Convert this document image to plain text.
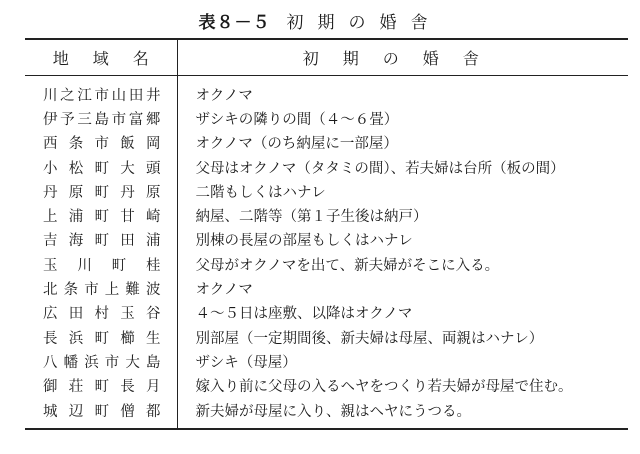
表８－５ 初期の婚舎
地域名	初期の婚舎
川之江市山田井	オクノマ
伊予三島市富郷	ザシキの隣りの間（４～６畳）
西条市飯岡	オクノマ（のち納屋に一部屋）
小松町大頭	父母はオクノマ（タタミの間）、若夫婦は台所（板の間）
丹原町丹原	二階もしくはハナレ
上浦町甘崎	納屋、二階等（第１子生後は納戸）
吉海町田浦	別棟の長屋の部屋もしくはハナレ
玉川町桂	父母がオクノマを出て、新夫婦がそこに入る。
北条市上難波	オクノマ
広田村玉谷	４～５日は座敷、以降はオクノマ
長浜町櫛生	別部屋（一定期間後、新夫婦は母屋、両親はハナレ）
八幡浜市大島	ザシキ（母屋）
御荘町長月	嫁入り前に父母の入るヘヤをつくり若夫婦が母屋で住む。
城辺町僧都	新夫婦が母屋に入り、親はヘヤにうつる。
